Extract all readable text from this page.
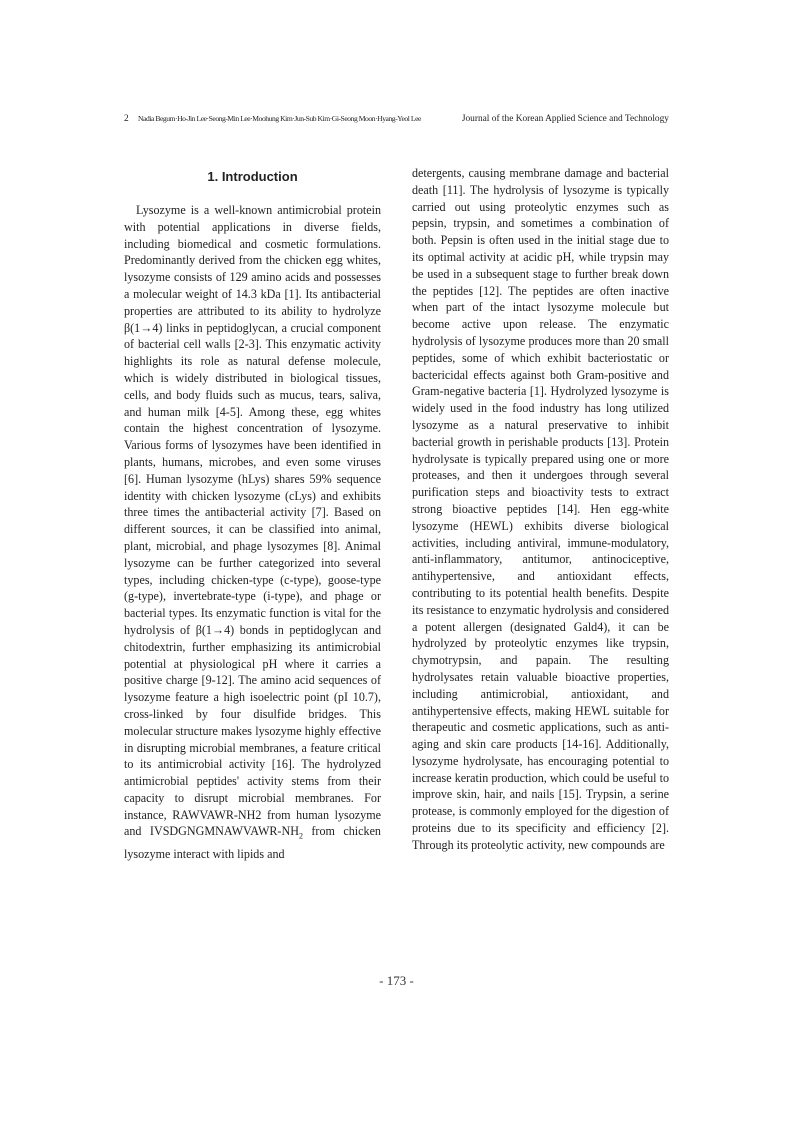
2 Nadia Begum·Ho-Jin Lee·Seong-Min Lee·Moohung Kim·Jun-Sub Kim·Gi-Seong Moon·Hyang-Yeol Lee	Journal of the Korean Applied Science and Technology
1. Introduction

Lysozyme is a well-known antimicrobial protein with potential applications in diverse fields, including biomedical and cosmetic formulations. Predominantly derived from the chicken egg whites, lysozyme consists of 129 amino acids and possesses a molecular weight of 14.3 kDa [1]. Its antibacterial properties are attributed to its ability to hydrolyze β(1→4) links in peptidoglycan, a crucial component of bacterial cell walls [2-3]. This enzymatic activity highlights its role as natural defense molecule, which is widely distributed in biological tissues, cells, and body fluids such as mucus, tears, saliva, and human milk [4-5]. Among these, egg whites contain the highest concentration of lysozyme. Various forms of lysozymes have been identified in plants, humans, microbes, and even some viruses [6]. Human lysozyme (hLys) shares 59% sequence identity with chicken lysozyme (cLys) and exhibits three times the antibacterial activity [7]. Based on different sources, it can be classified into animal, plant, microbial, and phage lysozymes [8]. Animal lysozyme can be further categorized into several types, including chicken-type (c-type), goose-type (g-type), invertebrate-type (i-type), and phage or bacterial types. Its enzymatic function is vital for the hydrolysis of β(1→4) bonds in peptidoglycan and chitodextrin, further emphasizing its antimicrobial potential at physiological pH where it carries a positive charge [9-12]. The amino acid sequences of lysozyme feature a high isoelectric point (pI 10.7), cross-linked by four disulfide bridges. This molecular structure makes lysozyme highly effective in disrupting microbial membranes, a feature critical to its antimicrobial activity [16]. The hydrolyzed antimicrobial peptides' activity stems from their capacity to disrupt microbial membranes. For instance, RAWVAWR-NH2 from human lysozyme and IVSDGNGMNAWVAWR-$NH_2$ from chicken lysozyme interact with lipids and

detergents, causing membrane damage and bacterial death [11]. The hydrolysis of lysozyme is typically carried out using proteolytic enzymes such as pepsin, trypsin, and sometimes a combination of both. Pepsin is often used in the initial stage due to its optimal activity at acidic pH, while trypsin may be used in a subsequent stage to further break down the peptides [12]. The peptides are often inactive when part of the intact lysozyme molecule but become active upon release. The enzymatic hydrolysis of lysozyme produces more than 20 small peptides, some of which exhibit bacteriostatic or bactericidal effects against both Gram-positive and Gram-negative bacteria [1]. Hydrolyzed lysozyme is widely used in the food industry has long utilized lysozyme as a natural preservative to inhibit bacterial growth in perishable products [13]. Protein hydrolysate is typically prepared using one or more proteases, and then it undergoes through several purification steps and bioactivity tests to extract strong bioactive peptides [14]. Hen egg-white lysozyme (HEWL) exhibits diverse biological activities, including antiviral, immune-modulatory, anti-inflammatory, antitumor, antinociceptive, antihypertensive, and antioxidant effects, contributing to its potential health benefits. Despite its resistance to enzymatic hydrolysis and considered a potent allergen (designated Gald4), it can be hydrolyzed by proteolytic enzymes like trypsin, chymotrypsin, and papain. The resulting hydrolysates retain valuable bioactive properties, including antimicrobial, antioxidant, and antihypertensive effects, making HEWL suitable for therapeutic and cosmetic applications, such as anti-aging and skin care products [14-16]. Additionally, lysozyme hydrolysate, has encouraging potential to increase keratin production, which could be useful to improve skin, hair, and nails [15]. Trypsin, a serine protease, is commonly employed for the digestion of proteins due to its specificity and efficiency [2]. Through its proteolytic activity, new compounds are

- 173 -
